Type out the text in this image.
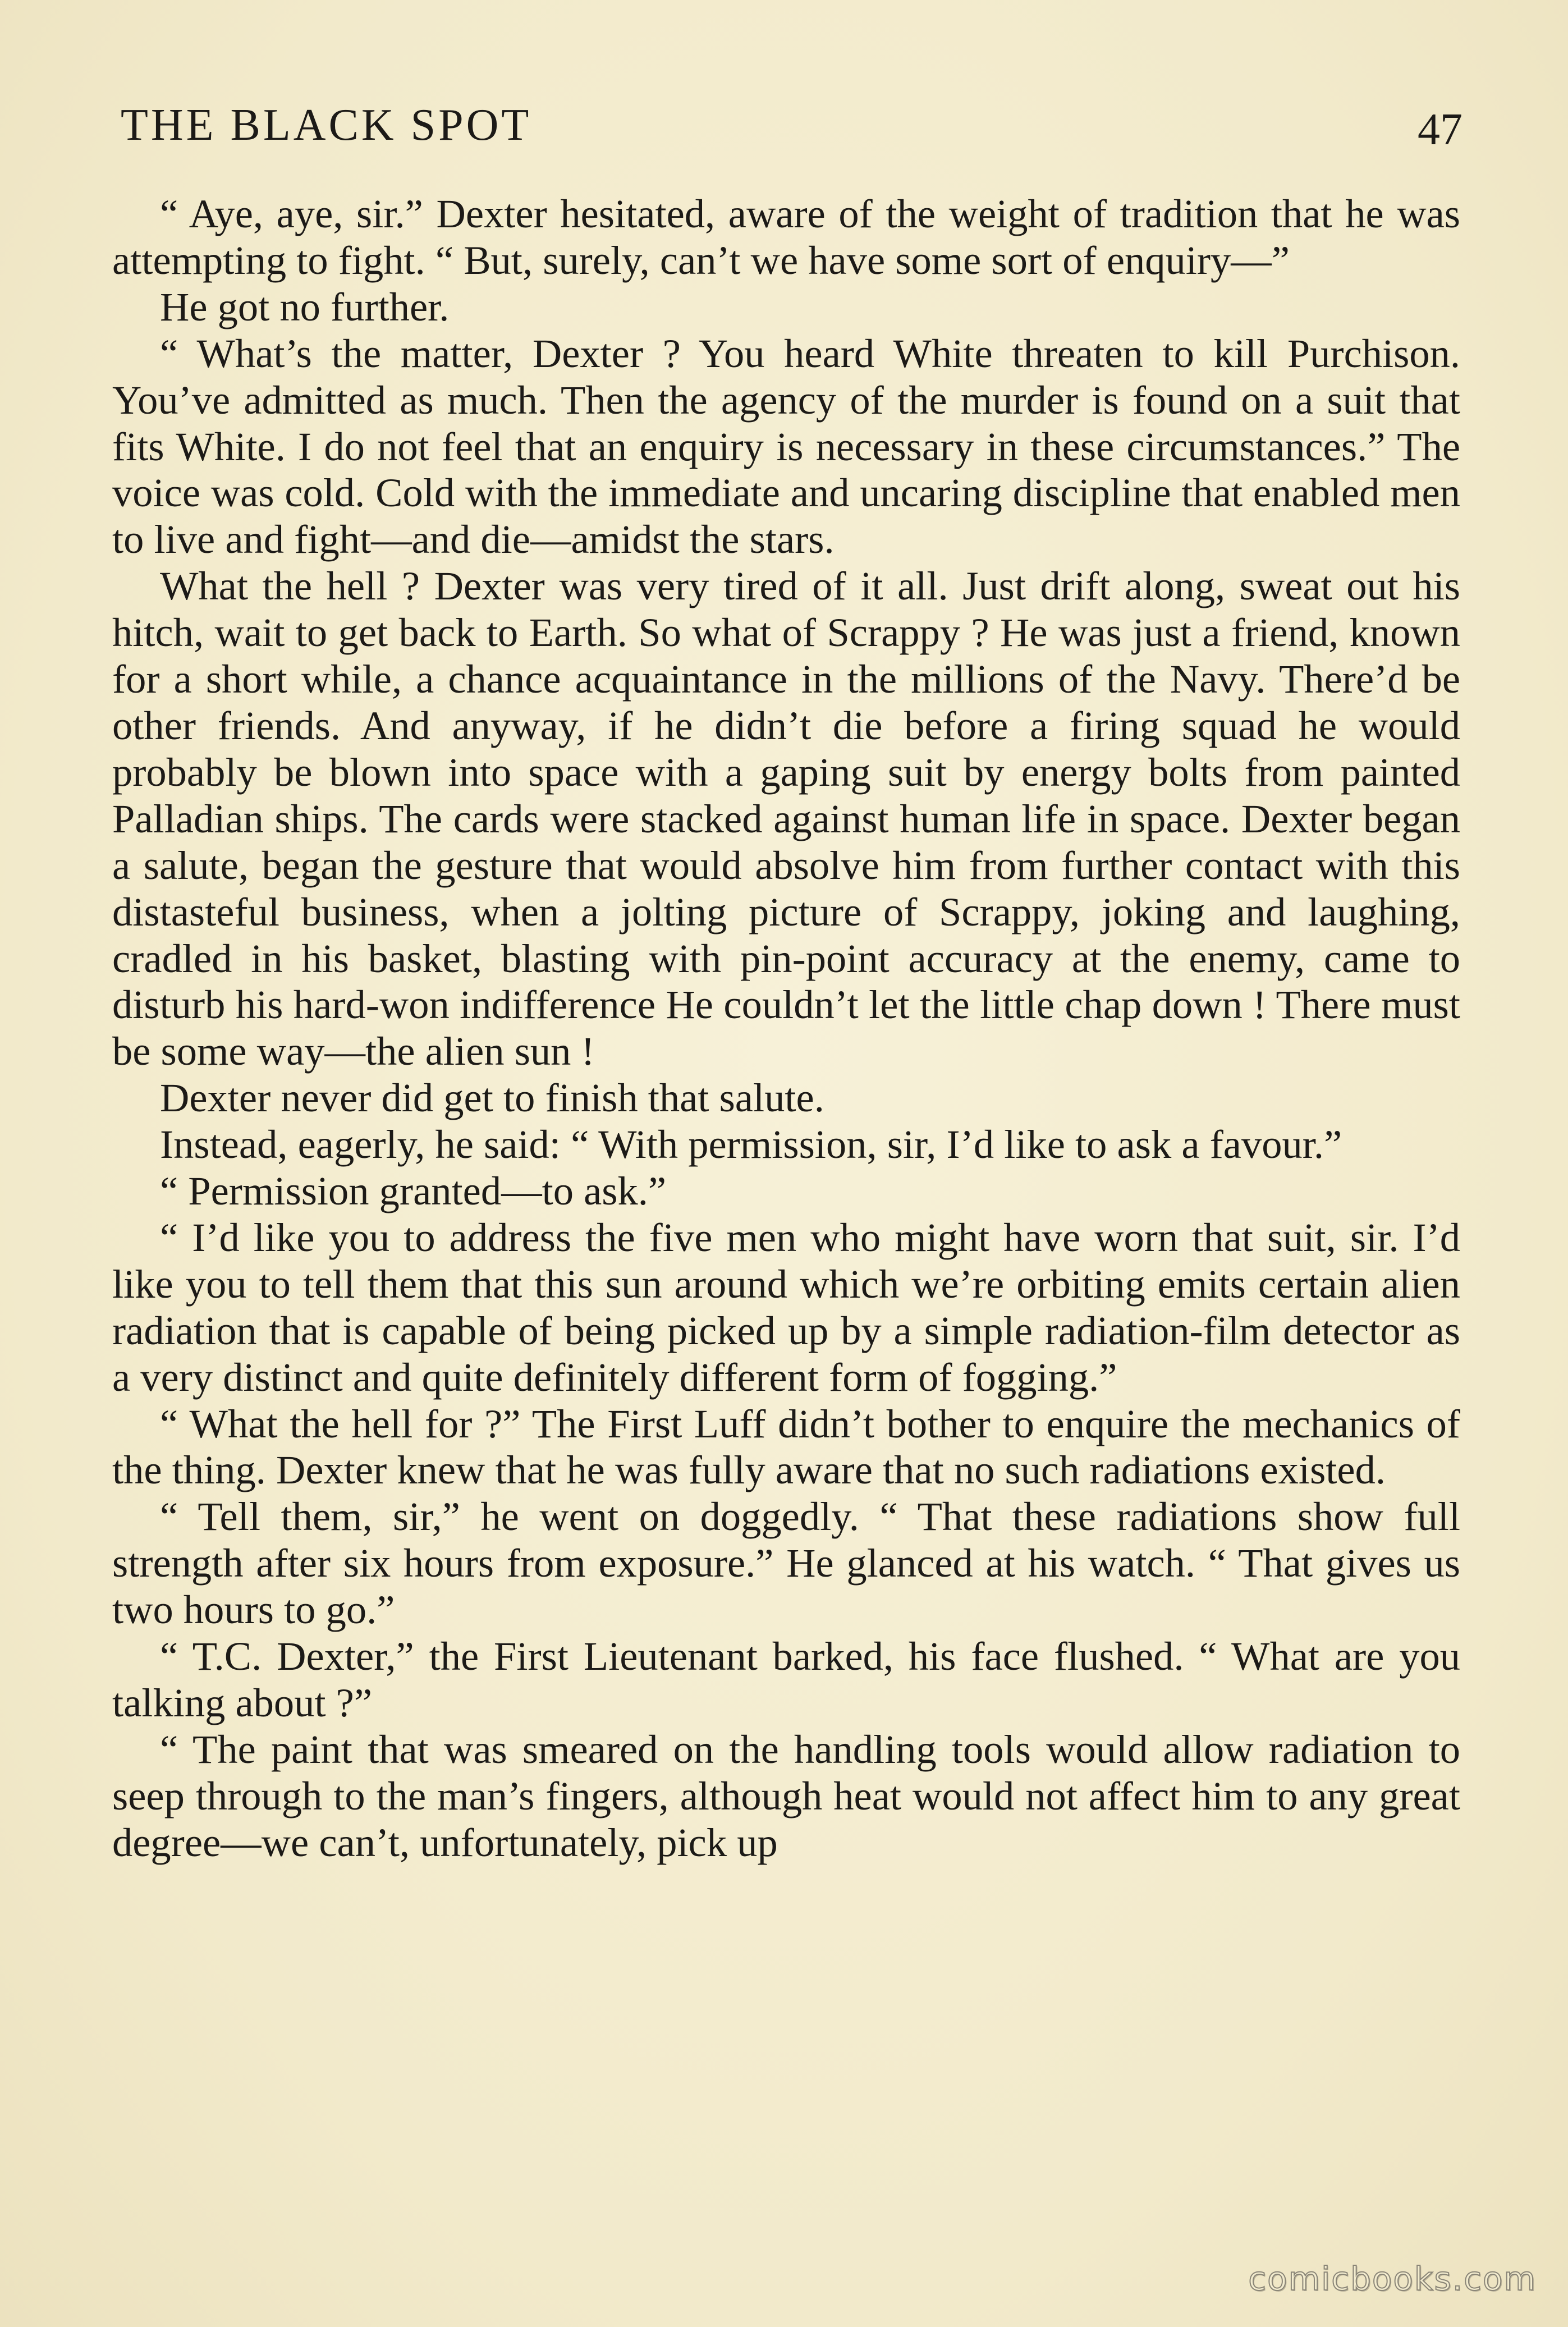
THE BLACK SPOT	47

“ Aye, aye, sir.” Dexter hesitated, aware of the weight of tradition that he was attempting to fight. “ But, surely, can’t we have some sort of enquiry—”

He got no further.

“ What’s the matter, Dexter ? You heard White threaten to kill Purchison. You’ve admitted as much. Then the agency of the murder is found on a suit that fits White. I do not feel that an enquiry is necessary in these circumstances.” The voice was cold. Cold with the immediate and uncaring discipline that enabled men to live and fight—and die—amidst the stars.

What the hell ? Dexter was very tired of it all. Just drift along, sweat out his hitch, wait to get back to Earth. So what of Scrappy ? He was just a friend, known for a short while, a chance acquaintance in the millions of the Navy. There’d be other friends. And anyway, if he didn’t die before a firing squad he would probably be blown into space with a gaping suit by energy bolts from painted Palladian ships. The cards were stacked against human life in space. Dexter began a salute, began the gesture that would absolve him from further contact with this distasteful business, when a jolting picture of Scrappy, joking and laughing, cradled in his basket, blasting with pin-point accuracy at the enemy, came to disturb his hard-won indifference He couldn’t let the little chap down ! There must be some way—the alien sun !

Dexter never did get to finish that salute.

Instead, eagerly, he said: “ With permission, sir, I’d like to ask a favour.”

“ Permission granted—to ask.”

“ I’d like you to address the five men who might have worn that suit, sir. I’d like you to tell them that this sun around which we’re orbiting emits certain alien radiation that is capable of being picked up by a simple radiation-film detector as a very distinct and quite definitely different form of fogging.”

“ What the hell for ?” The First Luff didn’t bother to enquire the mechanics of the thing. Dexter knew that he was fully aware that no such radiations existed.

“ Tell them, sir,” he went on doggedly. “ That these radiations show full strength after six hours from exposure.” He glanced at his watch. “ That gives us two hours to go.”

“ T.C. Dexter,” the First Lieutenant barked, his face flushed. “ What are you talking about ?”

“ The paint that was smeared on the handling tools would allow radiation to seep through to the man’s fingers, although heat would not affect him to any great degree—we can’t, unfortunately, pick up

comicbooks.com
